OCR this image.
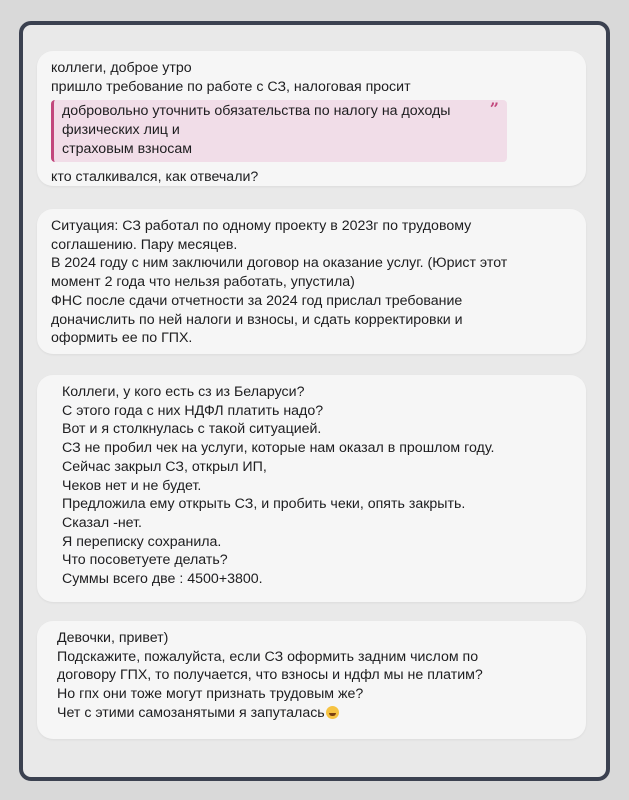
коллеги, доброе утро
пришло требование по работе с СЗ, налоговая просит
”
добровольно уточнить обязательства по налогу на доходы
физических лиц и
страховым взносам
кто сталкивался, как отвечали?
Ситуация: СЗ работал по одному проекту в 2023г по трудовому
соглашению. Пару месяцев.
В 2024 году с ним заключили договор на оказание услуг. (Юрист этот
момент 2 года что нельзя работать, упустила)
ФНС после сдачи отчетности за 2024 год прислал требование
доначислить по ней налоги и взносы, и сдать корректировки и
оформить ее по ГПХ.
Коллеги, у кого есть сз из Беларуси?
С этого года с них НДФЛ платить надо?
Вот и я столкнулась с такой ситуацией.
СЗ не пробил чек на услуги, которые нам оказал в прошлом году.
Сейчас закрыл СЗ, открыл ИП,
Чеков нет и не будет.
Предложила ему открыть СЗ, и пробить чеки, опять закрыть.
Сказал -нет.
Я переписку сохранила.
Что посоветуете делать?
Суммы всего две : 4500+3800.
Девочки, привет)
Подскажите, пожалуйста, если СЗ оформить задним числом по
договору ГПХ, то получается, что взносы и ндфл мы не платим?
Но гпх они тоже могут признать трудовым же?
Чет с этими самозанятыми я запуталась
